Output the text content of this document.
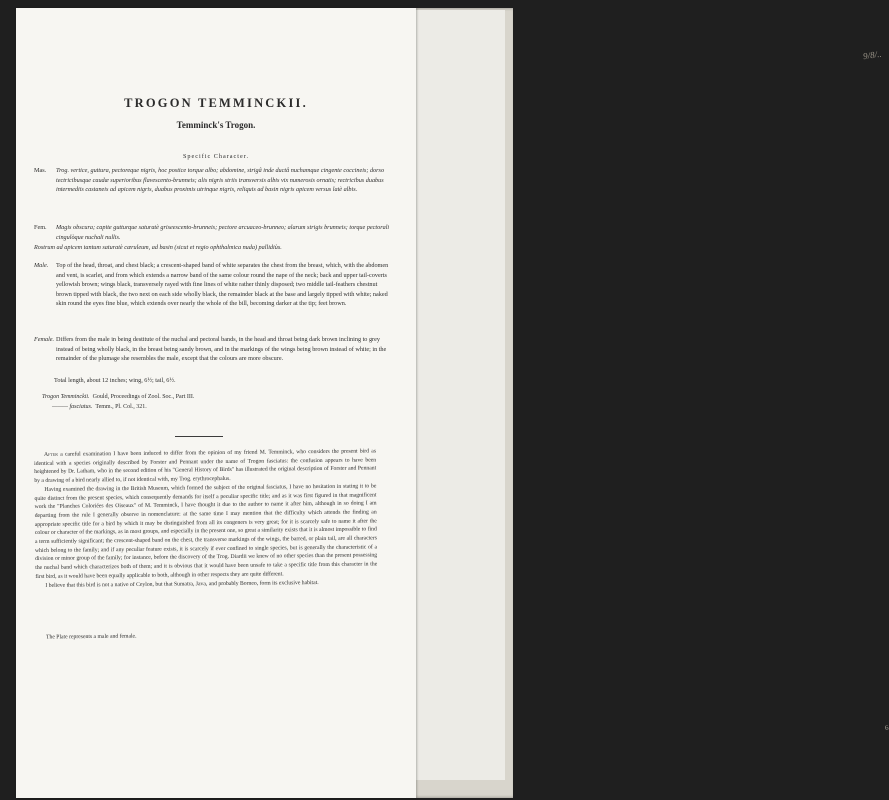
9/8/..
6
TROGON TEMMINCKII.
Temminck's Trogon.
Specific Character.
Mas. Trog. vertice, guttura, pectoreque nigris, hoc postice torque albo; abdomine, strigâ inde ductâ nuchamque cingente coccineis; dorso tectricibusque caudæ superioribus flavescento-brunneis; alis nigris striis transversis albis vix numerosis ornatis; rectricibus duabus intermediis castaneis ad apicem nigris, duabus proximis utrinque nigris, reliquis ad basin nigris apicem versus latè albis.
Fem. Magis obscura; capite gutturque saturatè griseescento-brunneis; pectore arcuaceo-brunneo; alarum strigis brunneis; torque pectorali cingulòque nuchali nullis.
Rostrum ad apicem tantum saturatè cæruleum, ad basin (sicut et regio ophthalmica nuda) pallidiùs.
Male. Top of the head, throat, and chest black; a crescent-shaped band of white separates the chest from the breast, which, with the abdomen and vent, is scarlet, and from which extends a narrow band of the same colour round the nape of the neck; back and upper tail-coverts yellowish brown; wings black, transversely rayed with fine lines of white rather thinly disposed; two middle tail-feathers chestnut brown tipped with black, the two next on each side wholly black, the remainder black at the base and largely tipped with white; naked skin round the eyes fine blue, which extends over nearly the whole of the bill, becoming darker at the tip; feet brown.
Female. Differs from the male in being destitute of the nuchal and pectoral bands, in the head and throat being dark brown inclining to grey instead of being wholly black, in the breast being sandy brown, and in the markings of the wings being brown instead of white; in the remainder of the plumage she resembles the male, except that the colours are more obscure.
Total length, about 12 inches; wing, 6½; tail, 6½.
Trogon Temminckii. Gould, Proceedings of Zool. Soc., Part III.
——— fasciatus. Temm., Pl. Col., 321.

After a careful examination I have been induced to differ from the opinion of my friend M. Temminck, who considers the present bird as identical with a species originally described by Forster and Pennant under the name of Trogon fasciatus: the confusion appears to have been heightened by Dr. Latham, who in the second edition of his "General History of Birds" has illustrated the original description of Forster and Pennant by a drawing of a bird nearly allied to, if not identical with, my Trog. erythrocephalus.

Having examined the drawing in the British Museum, which formed the subject of the original fasciatus, I have no hesitation in stating it to be quite distinct from the present species, which consequently demands for itself a peculiar specific title; and as it was first figured in that magnificent work the "Planches Coloriées des Oiseaux" of M. Temminck, I have thought it due to the author to name it after him, although in so doing I am departing from the rule I generally observe in nomenclature: at the same time I may mention that the difficulty which attends the finding an appropriate specific title for a bird by which it may be distinguished from all its congeners is very great; for it is scarcely safe to name it after the colour or character of the markings, as in most groups, and especially in the present one, so great a similarity exists that it is almost impossible to find a term sufficiently significant; the crescent-shaped band on the chest, the transverse markings of the wings, the barred, or plain tail, are all characters which belong to the family; and if any peculiar feature exists, it is scarcely if ever confined to single species, but is generally the characteristic of a division or minor group of the family; for instance, before the discovery of the Trog. Diardii we knew of no other species than the present possessing the nuchal band which characterizes both of them; and it is obvious that it would have been unsafe to take a specific title from this character in the first bird, as it would have been equally applicable to both, although in other respects they are quite different.

I believe that this bird is not a native of Ceylon, but that Sumatra, Java, and probably Borneo, form its exclusive habitat.

The Plate represents a male and female.
